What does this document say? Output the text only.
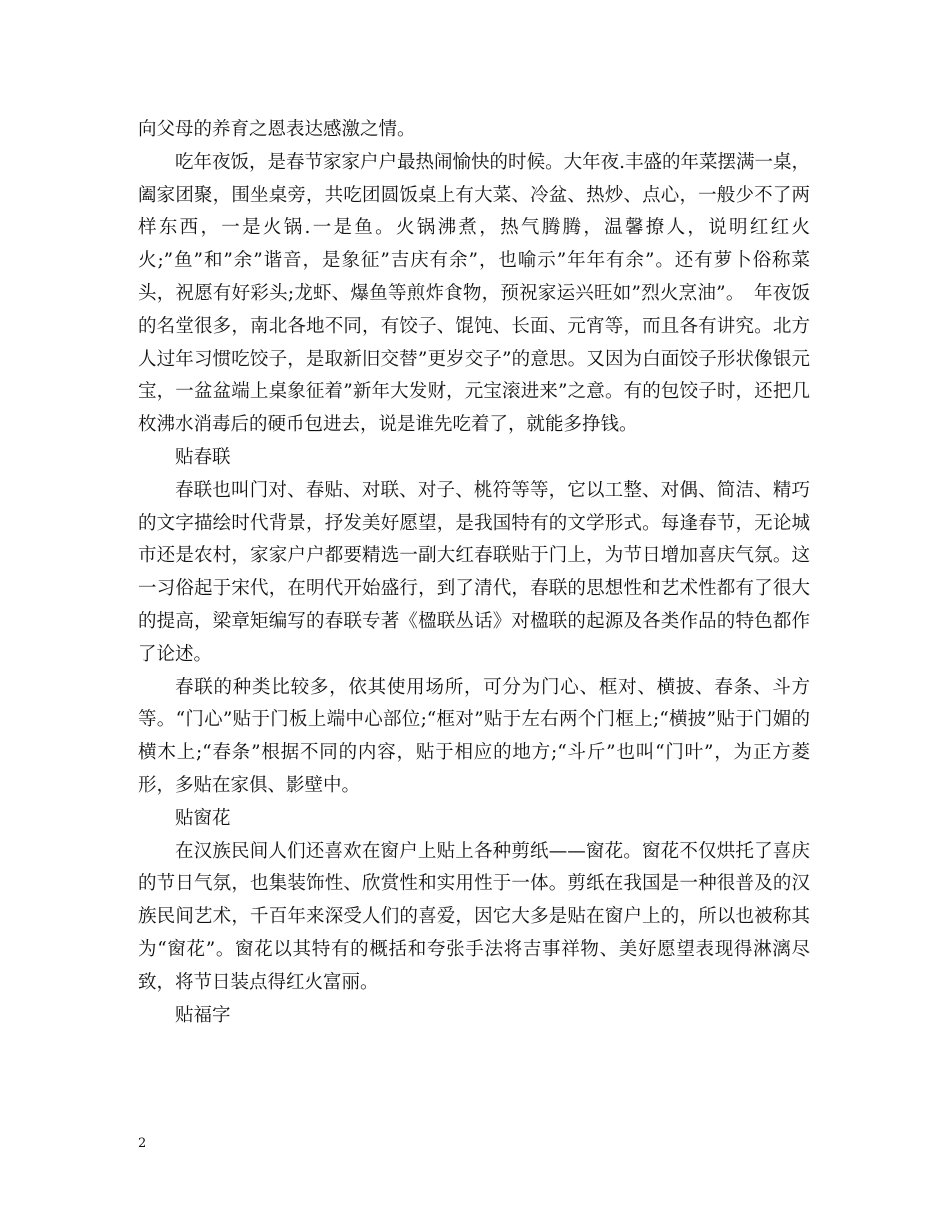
向父母的养育之恩表达感激之情。

吃年夜饭，是春节家家户户最热闹愉快的时候。大年夜.丰盛的年菜摆满一桌，阖家团聚，围坐桌旁，共吃团圆饭桌上有大菜、冷盆、热炒、点心，一般少不了两样东西，一是火锅.一是鱼。火锅沸煮，热气腾腾，温馨撩人，说明红红火火;”鱼”和”余”谐音，是象征”吉庆有余”，也喻示”年年有余”。还有萝卜俗称菜头，祝愿有好彩头;龙虾、爆鱼等煎炸食物，预祝家运兴旺如”烈火烹油”。　年夜饭的名堂很多，南北各地不同，有饺子、馄饨、长面、元宵等，而且各有讲究。北方人过年习惯吃饺子，是取新旧交替”更岁交子”的意思。又因为白面饺子形状像银元宝，一盆盆端上桌象征着”新年大发财，元宝滚进来”之意。有的包饺子时，还把几枚沸水消毒后的硬币包进去，说是谁先吃着了，就能多挣钱。

贴春联

春联也叫门对、春贴、对联、对子、桃符等等，它以工整、对偶、简洁、精巧的文字描绘时代背景，抒发美好愿望，是我国特有的文学形式。每逢春节，无论城市还是农村，家家户户都要精选一副大红春联贴于门上，为节日增加喜庆气氛。这一习俗起于宋代，在明代开始盛行，到了清代，春联的思想性和艺术性都有了很大的提高，梁章矩编写的春联专著《楹联丛话》对楹联的起源及各类作品的特色都作了论述。

春联的种类比较多，依其使用场所，可分为门心、框对、横披、春条、斗方等。“门心”贴于门板上端中心部位;“框对”贴于左右两个门框上;“横披”贴于门媚的横木上;“春条”根据不同的内容，贴于相应的地方;“斗斤”也叫“门叶”，为正方菱形，多贴在家俱、影壁中。

贴窗花

在汉族民间人们还喜欢在窗户上贴上各种剪纸——窗花。窗花不仅烘托了喜庆的节日气氛，也集装饰性、欣赏性和实用性于一体。剪纸在我国是一种很普及的汉族民间艺术，千百年来深受人们的喜爱，因它大多是贴在窗户上的，所以也被称其为“窗花”。窗花以其特有的概括和夸张手法将吉事祥物、美好愿望表现得淋漓尽致，将节日装点得红火富丽。

贴福字

2
